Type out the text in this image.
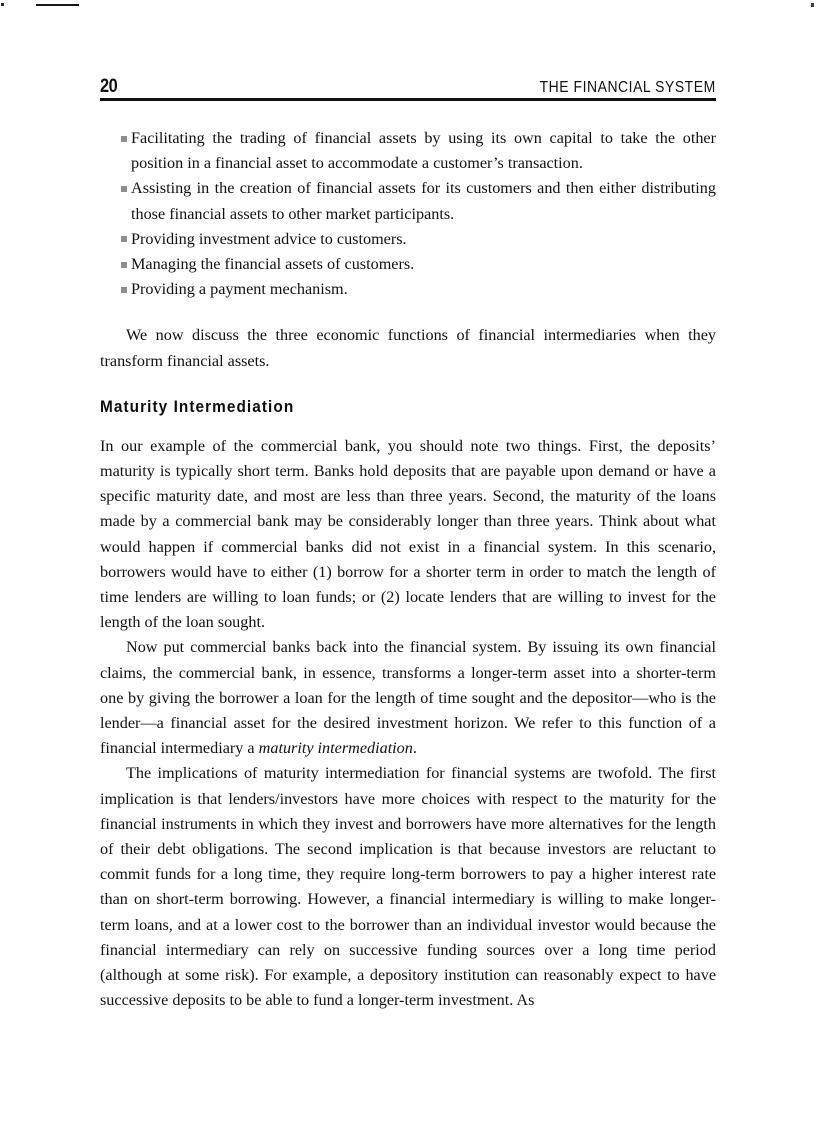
20	THE FINANCIAL SYSTEM
Facilitating the trading of financial assets by using its own capital to take the other position in a financial asset to accommodate a customer’s transaction.
Assisting in the creation of financial assets for its customers and then either distributing those financial assets to other market participants.
Providing investment advice to customers.
Managing the financial assets of customers.
Providing a payment mechanism.

We now discuss the three economic functions of financial intermediaries when they transform financial assets.

Maturity Intermediation

In our example of the commercial bank, you should note two things. First, the deposits’ maturity is typically short term. Banks hold deposits that are payable upon demand or have a specific maturity date, and most are less than three years. Second, the maturity of the loans made by a commercial bank may be considerably longer than three years. Think about what would happen if commercial banks did not exist in a financial system. In this scenario, borrowers would have to either (1) borrow for a shorter term in order to match the length of time lenders are willing to loan funds; or (2) locate lenders that are willing to invest for the length of the loan sought.

Now put commercial banks back into the financial system. By issuing its own financial claims, the commercial bank, in essence, transforms a longer-term asset into a shorter-term one by giving the borrower a loan for the length of time sought and the depositor—who is the lender—a financial asset for the desired investment horizon. We refer to this function of a financial intermediary a maturity intermediation.

The implications of maturity intermediation for financial systems are twofold. The first implication is that lenders/investors have more choices with respect to the maturity for the financial instruments in which they invest and borrowers have more alternatives for the length of their debt obligations. The second implication is that because investors are reluctant to commit funds for a long time, they require long-term borrowers to pay a higher interest rate than on short-term borrowing. However, a financial intermediary is willing to make longer-term loans, and at a lower cost to the borrower than an individual investor would because the financial intermediary can rely on successive funding sources over a long time period (although at some risk). For example, a depository institution can reasonably expect to have successive deposits to be able to fund a longer-term investment. As
